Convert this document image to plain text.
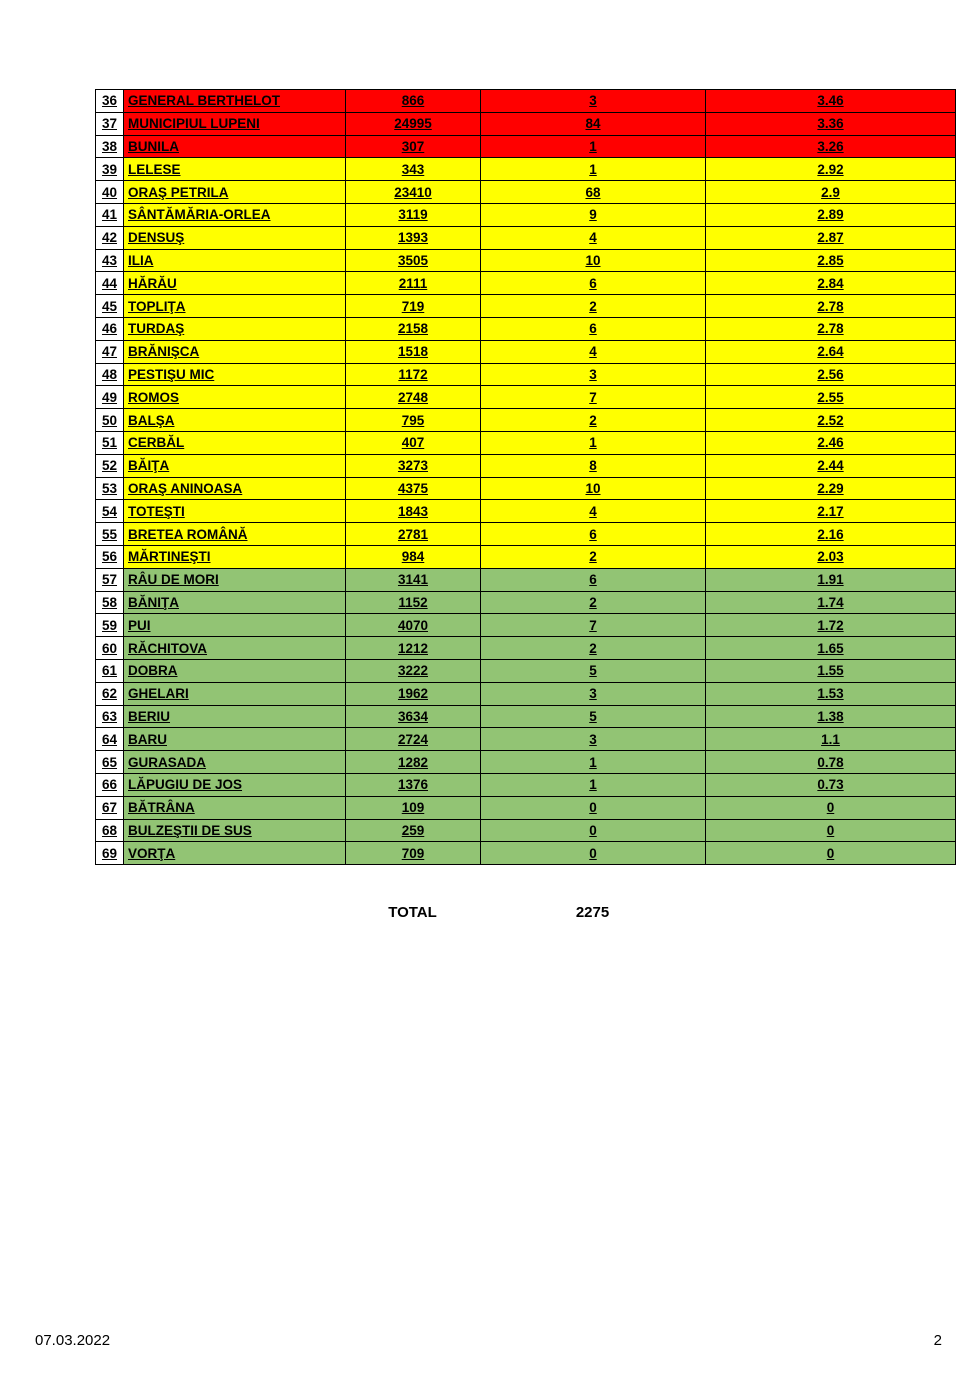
36	GENERAL BERTHELOT	866	3	3.46
37	MUNICIPIUL LUPENI	24995	84	3.36
38	BUNILA	307	1	3.26
39	LELESE	343	1	2.92
40	ORAŞ PETRILA	23410	68	2.9
41	SÂNTĂMĂRIA-ORLEA	3119	9	2.89
42	DENSUŞ	1393	4	2.87
43	ILIA	3505	10	2.85
44	HĂRĂU	2111	6	2.84
45	TOPLIŢA	719	2	2.78
46	TURDAŞ	2158	6	2.78
47	BRĂNIŞCA	1518	4	2.64
48	PESTIŞU MIC	1172	3	2.56
49	ROMOS	2748	7	2.55
50	BALŞA	795	2	2.52
51	CERBĂL	407	1	2.46
52	BĂIŢA	3273	8	2.44
53	ORAŞ ANINOASA	4375	10	2.29
54	TOTEŞTI	1843	4	2.17
55	BRETEA ROMÂNĂ	2781	6	2.16
56	MĂRTINEŞTI	984	2	2.03
57	RÂU DE MORI	3141	6	1.91
58	BĂNIŢA	1152	2	1.74
59	PUI	4070	7	1.72
60	RĂCHITOVA	1212	2	1.65
61	DOBRA	3222	5	1.55
62	GHELARI	1962	3	1.53
63	BERIU	3634	5	1.38
64	BARU	2724	3	1.1
65	GURASADA	1282	1	0.78
66	LĂPUGIU DE JOS	1376	1	0.73
67	BĂTRÂNA	109	0	0
68	BULZEŞTII DE SUS	259	0	0
69	VORŢA	709	0	0
TOTAL	2275
07.03.2022	2
